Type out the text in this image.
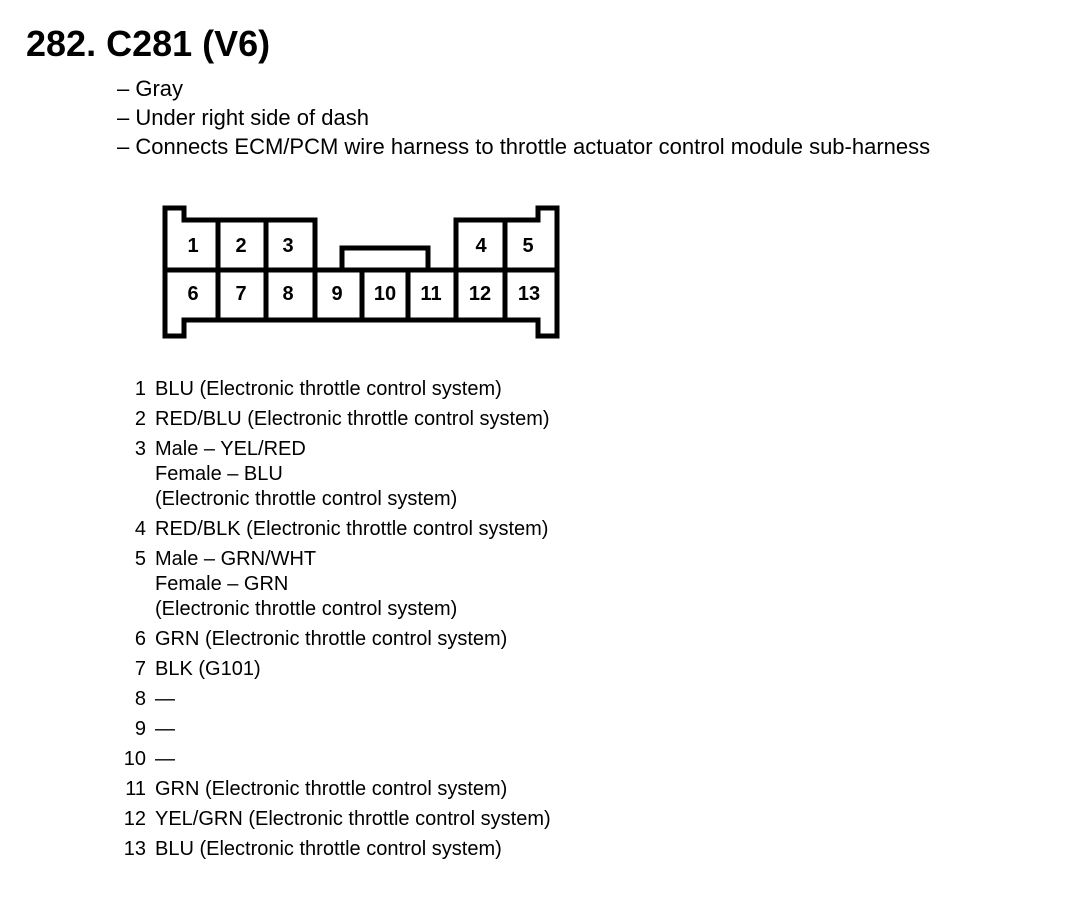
282. C281 (V6)
– Gray
– Under right side of dash
– Connects ECM/PCM wire harness to throttle actuator control module sub-harness
1 2 3	4 5
6 7 8 9 10 11 12 13
1 BLU (Electronic throttle control system)
2 RED/BLU (Electronic throttle control system)
3 Male – YEL/RED
Female – BLU
(Electronic throttle control system)
4 RED/BLK (Electronic throttle control system)
5 Male – GRN/WHT
Female – GRN
(Electronic throttle control system)
6 GRN (Electronic throttle control system)
7 BLK (G101)
8 —
9 —
10 —
11 GRN (Electronic throttle control system)
12 YEL/GRN (Electronic throttle control system)
13 BLU (Electronic throttle control system)
